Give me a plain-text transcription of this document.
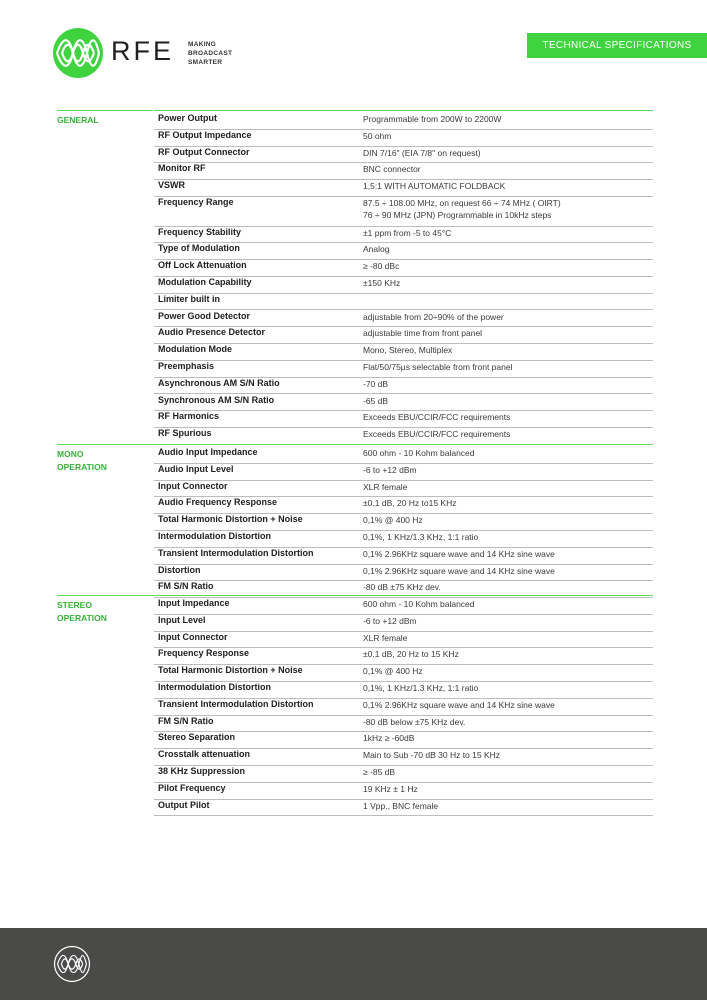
RFE MAKING
BROADCAST
SMARTER
TECHNICAL SPECIFICATIONS
GENERAL	Power Output	Programmable from 200W to 2200W
RF Output Impedance	50 ohm
RF Output Connector	DIN 7/16" (EIA 7/8" on request)
Monitor RF	BNC connector
VSWR	1,5:1 WITH AUTOMATIC FOLDBACK
Frequency Range	87.5 ÷ 108.00 MHz, on request 66 ÷ 74 MHz ( OIRT)
76 ÷ 90 MHz (JPN) Programmable in 10kHz steps
Frequency Stability	±1 ppm from -5 to 45°C
Type of Modulation	Analog
Off Lock Attenuation	≥ -80 dBc
Modulation Capability	±150 KHz
Limiter built in
Power Good Detector	adjustable from 20÷90% of the power
Audio Presence Detector	adjustable time from front panel
Modulation Mode	Mono, Stereo, Multiplex
Preemphasis	Flat/50/75µs selectable from front panel
Asynchronous AM S/N Ratio	-70 dB
Synchronous AM S/N Ratio	-65 dB
RF Harmonics	Exceeds EBU/CCIR/FCC requirements
RF Spurious	Exceeds EBU/CCIR/FCC requirements
MONO
OPERATION
Audio Input Impedance	600 ohm - 10 Kohm balanced
Audio Input Level	-6 to +12 dBm
Input Connector	XLR female
Audio Frequency Response	±0.1 dB, 20 Hz to15 KHz
Total Harmonic Distortion + Noise	0,1% @ 400 Hz
Intermodulation Distortion	0,1%, 1 KHz/1.3 KHz, 1:1 ratio
Transient Intermodulation Distortion	0,1% 2.96KHz square wave and 14 KHz sine wave
Distortion	0,1% 2.96KHz square wave and 14 KHz sine wave
FM S/N Ratio	-80 dB ±75 KHz dev.
STEREO
OPERATION
Input Impedance	600 ohm - 10 Kohm balanced
Input Level	-6 to +12 dBm
Input Connector	XLR female
Frequency Response	±0.1 dB, 20 Hz to 15 KHz
Total Harmonic Distortion + Noise	0,1% @ 400 Hz
Intermodulation Distortion	0,1%, 1 KHz/1.3 KHz, 1:1 ratio
Transient Intermodulation Distortion	0,1% 2.96KHz square wave and 14 KHz sine wave
FM S/N Ratio	-80 dB below ±75 KHz dev.
Stereo Separation	1kHz ≥ -60dB
Crosstalk attenuation	Main to Sub -70 dB 30 Hz to 15 KHz
38 KHz Suppression	≥ -85 dB
Pilot Frequency	19 KHz ± 1 Hz
Output Pilot	1 Vpp., BNC female
